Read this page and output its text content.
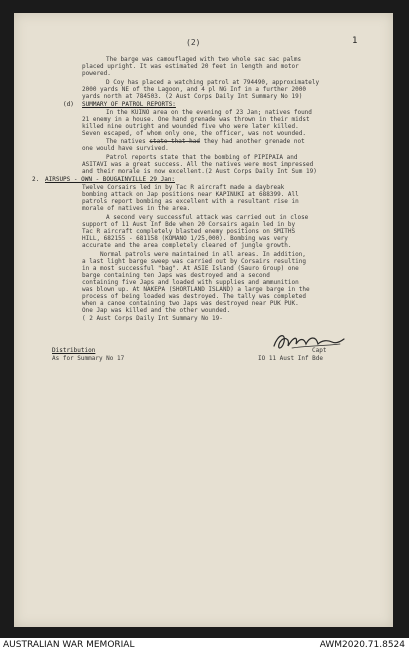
(2)	1
The barge was camouflaged with two whole sac sac palms
placed upright. It was estimated 20 feet in length and motor
powered.
D Coy has placed a watching patrol at 794490, approximately
2000 yards NE of the Lagoon, and 4 pl NG Inf in a further 2000
yards north at 784503. (2 Aust Corps Daily Int Summary No 19)
(d) SUMMARY OF PATROL REPORTS:
In the KUINO area on the evening of 23 Jan; natives found
21 enemy in a house. One hand grenade was thrown in their midst
killed nine outright and wounded five who were later killed.
Seven escaped, of whom only one, the officer, was not wounded.
The natives state that had they had another grenade not
one would have survived.
Patrol reports state that the bombing of PIPIPAIA and
ASITAVI was a great success. All the natives were most impressed
and their morale is now excellent.(2 Aust Corps Daily Int Sum 19)
2. AIRSUPS - OWN - BOUGAINVILLE 29 Jan:
Twelve Corsairs led in by Tac R aircraft made a daybreak
bombing attack on Jap positions near KAPINUKI at 688399. All
patrols report bombing as excellent with a resultant rise in
morale of natives in the area.
A second very successful attack was carried out in close
support of 11 Aust Inf Bde when 20 Corsairs again led in by
Tac R aircraft completely blasted enemy positions on SMITHS
HILL, 682155 - 681158 (KOMANO 1/25,000). Bombing was very
accurate and the area completely cleared of jungle growth.
Normal patrols were maintained in all areas. In addition,
a last light barge sweep was carried out by Corsairs resulting
in a most successful "bag". At ASIE Island (Sauro Group) one
barge containing ten Japs was destroyed and a second
containing five Japs and loaded with supplies and ammunition
was blown up. At NAKEPA (SHORTLAND ISLAND) a large barge in the
process of being loaded was destroyed. The tally was completed
when a canoe containing two Japs was destroyed near PUK PUK.
One Jap was killed and the other wounded.
( 2 Aust Corps Daily Int Summary No 19-
Distribution
As for Summary No 17
Capt
IO 11 Aust Inf Bde
AUSTRALIAN WAR MEMORIAL	AWM2020.71.8524
